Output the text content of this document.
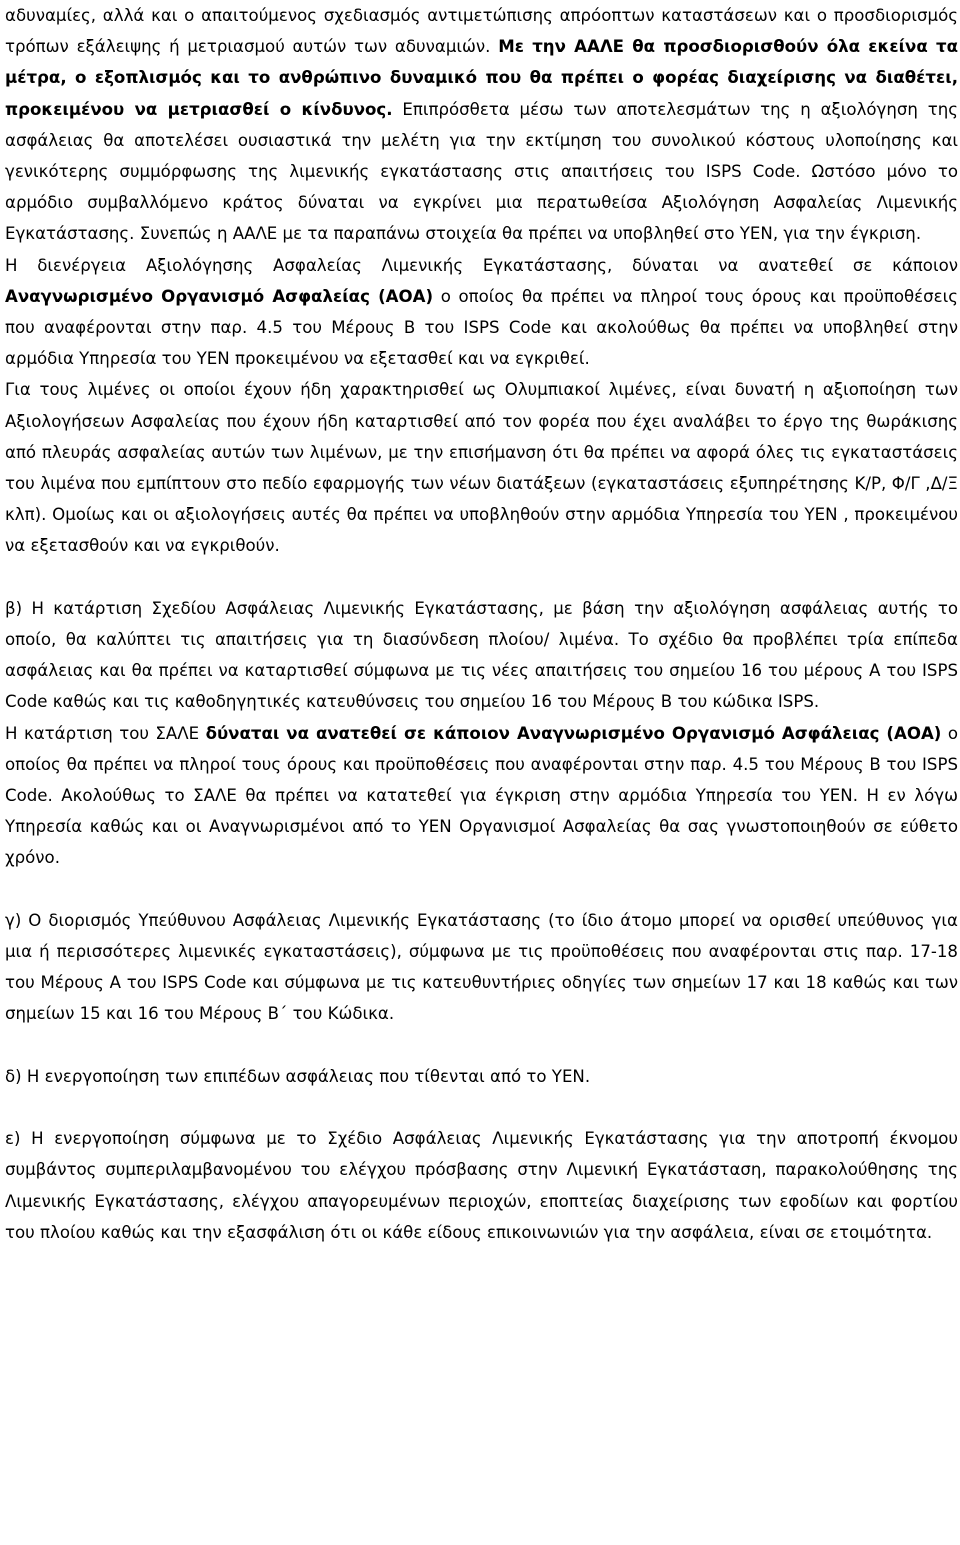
αδυναμίες, αλλά και ο απαιτούμενος σχεδιασμός αντιμετώπισης απρόοπτων καταστάσεων και ο προσδιορισμός τρόπων εξάλειψης ή μετριασμού αυτών των αδυναμιών. Με την ΑΑΛΕ θα προσδιορισθούν όλα εκείνα τα μέτρα, ο εξοπλισμός και το ανθρώπινο δυναμικό που θα πρέπει ο φορέας διαχείρισης να διαθέτει, προκειμένου να μετριασθεί ο κίνδυνος. Επιπρόσθετα μέσω των αποτελεσμάτων της η αξιολόγηση της ασφάλειας θα αποτελέσει ουσιαστικά την μελέτη για την εκτίμηση του συνολικού κόστους υλοποίησης και γενικότερης συμμόρφωσης της λιμενικής εγκατάστασης στις απαιτήσεις του ISPS Code. Ωστόσο μόνο το αρμόδιο συμβαλλόμενο κράτος δύναται να εγκρίνει μια περατωθείσα Αξιολόγηση Ασφαλείας Λιμενικής Εγκατάστασης. Συνεπώς η ΑΑΛΕ με τα παραπάνω στοιχεία θα πρέπει να υποβληθεί στο ΥΕΝ, για την έγκριση.

Η διενέργεια Αξιολόγησης Ασφαλείας Λιμενικής Εγκατάστασης, δύναται να ανατεθεί σε κάποιον Αναγνωρισμένο Οργανισμό Ασφαλείας (ΑΟΑ) ο οποίος θα πρέπει να πληροί τους όρους και προϋποθέσεις που αναφέρονται στην παρ. 4.5 του Μέρους Β του ISPS Code και ακολούθως θα πρέπει να υποβληθεί στην αρμόδια Υπηρεσία του ΥΕΝ προκειμένου να εξετασθεί και να εγκριθεί.

Για τους λιμένες οι οποίοι έχουν ήδη χαρακτηρισθεί ως Ολυμπιακοί λιμένες, είναι δυνατή η αξιοποίηση των Αξιολογήσεων Ασφαλείας που έχουν ήδη καταρτισθεί από τον φορέα που έχει αναλάβει το έργο της θωράκισης από πλευράς ασφαλείας αυτών των λιμένων, με την επισήμανση ότι θα πρέπει να αφορά όλες τις εγκαταστάσεις του λιμένα που εμπίπτουν στο πεδίο εφαρμογής των νέων διατάξεων (εγκαταστάσεις εξυπηρέτησης Κ/Ρ, Φ/Γ ,Δ/Ξ κλπ). Ομοίως και οι αξιολογήσεις αυτές θα πρέπει να υποβληθούν στην αρμόδια Υπηρεσία του ΥΕΝ , προκειμένου να εξετασθούν και να εγκριθούν.

β) Η κατάρτιση Σχεδίου Ασφάλειας Λιμενικής Εγκατάστασης, με βάση την αξιολόγηση ασφάλειας αυτής το οποίο, θα καλύπτει τις απαιτήσεις για τη διασύνδεση πλοίου/ λιμένα. Το σχέδιο θα προβλέπει τρία επίπεδα ασφάλειας και θα πρέπει να καταρτισθεί σύμφωνα με τις νέες απαιτήσεις του σημείου 16 του μέρους Α του ISPS Code καθώς και τις καθοδηγητικές κατευθύνσεις του σημείου 16 του Μέρους Β του κώδικα ISPS.

Η κατάρτιση του ΣΑΛΕ δύναται να ανατεθεί σε κάποιον Αναγνωρισμένο Οργανισμό Ασφάλειας (ΑΟΑ) ο οποίος θα πρέπει να πληροί τους όρους και προϋποθέσεις που αναφέρονται στην παρ. 4.5 του Μέρους Β του ISPS Code. Ακολούθως το ΣΑΛΕ θα πρέπει να κατατεθεί για έγκριση στην αρμόδια Υπηρεσία του ΥΕΝ. Η εν λόγω Υπηρεσία καθώς και οι Αναγνωρισμένοι από το ΥΕΝ Οργανισμοί Ασφαλείας θα σας γνωστοποιηθούν σε εύθετο χρόνο.

γ) Ο διορισμός Υπεύθυνου Ασφάλειας Λιμενικής Εγκατάστασης (το ίδιο άτομο μπορεί να ορισθεί υπεύθυνος για μια ή περισσότερες λιμενικές εγκαταστάσεις), σύμφωνα με τις προϋποθέσεις που αναφέρονται στις παρ. 17-18 του Μέρους Α του ISPS Code και σύμφωνα με τις κατευθυντήριες οδηγίες των σημείων 17 και 18 καθώς και των σημείων 15 και 16 του Μέρους Β΄ του Κώδικα.

δ) Η ενεργοποίηση των επιπέδων ασφάλειας που τίθενται από το ΥΕΝ.

ε) Η ενεργοποίηση σύμφωνα με το Σχέδιο Ασφάλειας Λιμενικής Εγκατάστασης για την αποτροπή έκνομου συμβάντος συμπεριλαμβανομένου του ελέγχου πρόσβασης στην Λιμενική Εγκατάσταση, παρακολούθησης της Λιμενικής Εγκατάστασης, ελέγχου απαγορευμένων περιοχών, εποπτείας διαχείρισης των εφοδίων και φορτίου του πλοίου καθώς και την εξασφάλιση ότι οι κάθε είδους επικοινωνιών για την ασφάλεια, είναι σε ετοιμότητα.
